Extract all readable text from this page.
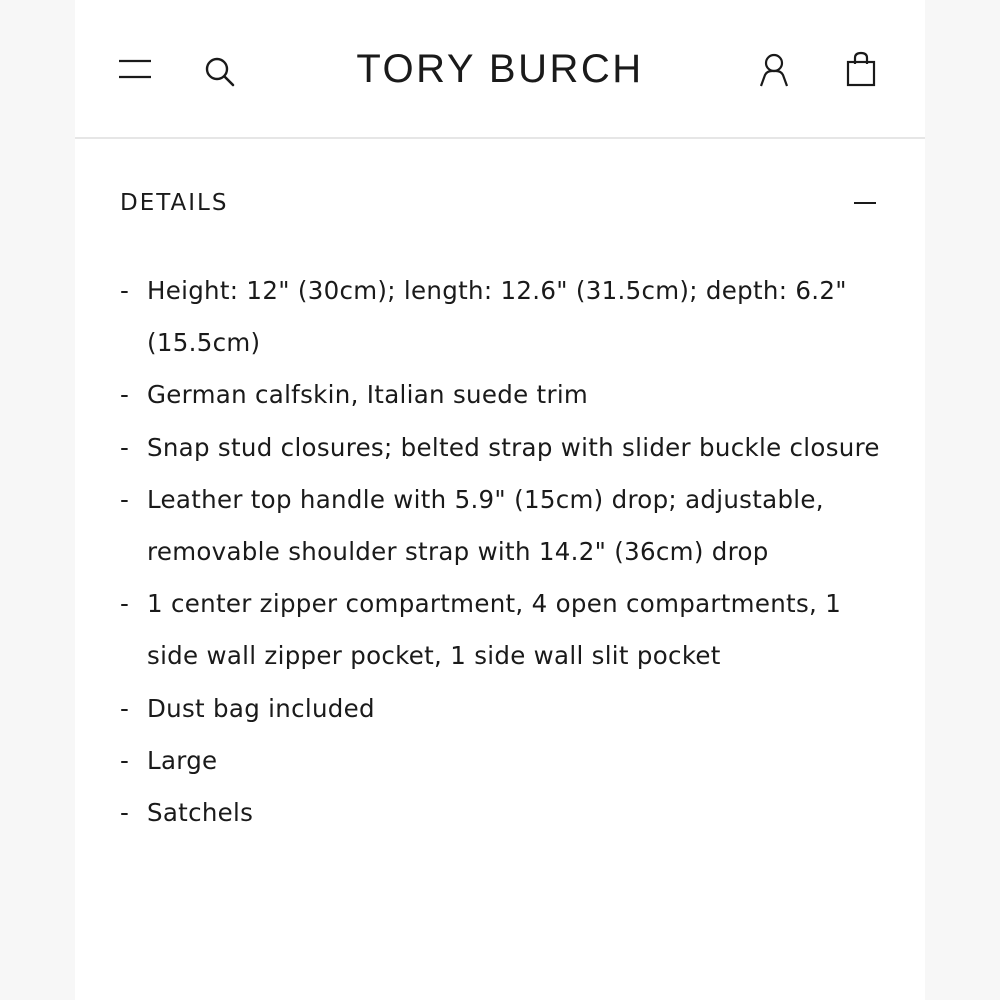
TORY BURCH
DETAILS
- Height: 12" (30cm); length: 12.6" (31.5cm); depth: 6.2" (15.5cm)
- German calfskin, Italian suede trim
- Snap stud closures; belted strap with slider buckle closure
- Leather top handle with 5.9" (15cm) drop; adjustable, removable shoulder strap with 14.2" (36cm) drop
- 1 center zipper compartment, 4 open compartments, 1 side wall zipper pocket, 1 side wall slit pocket
- Dust bag included
- Large
- Satchels
